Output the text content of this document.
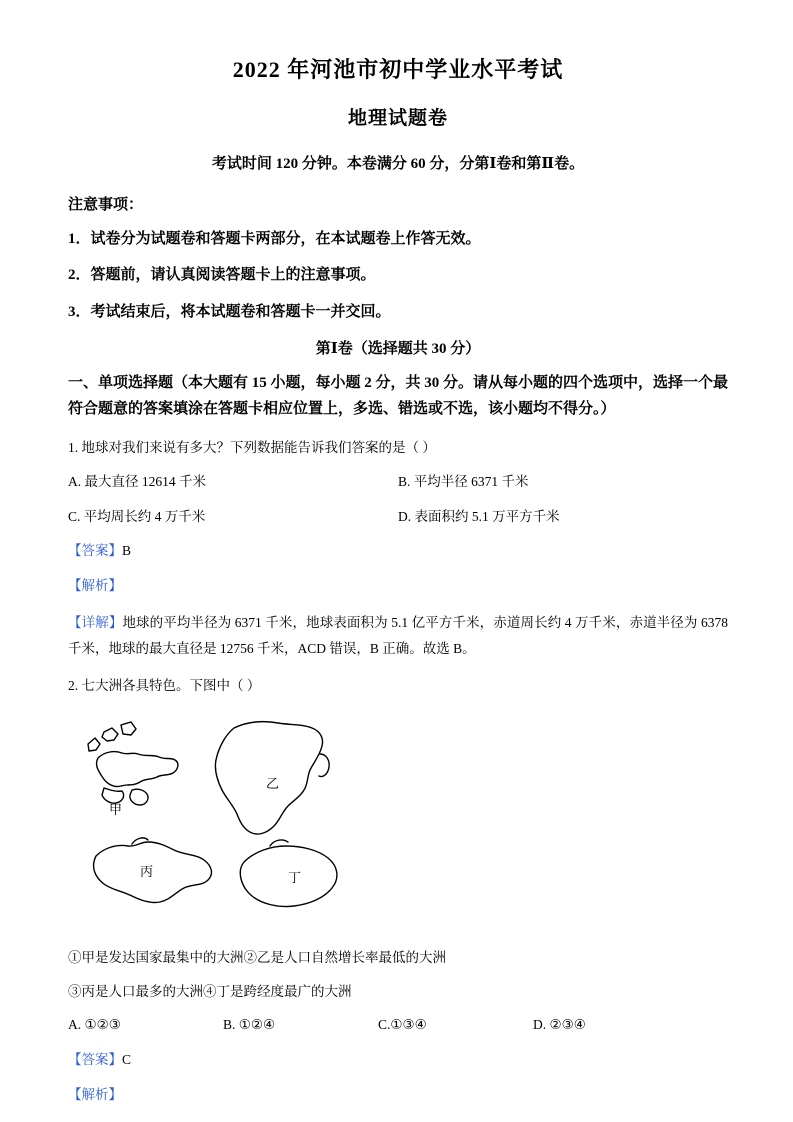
2022 年河池市初中学业水平考试
地理试题卷

考试时间 120 分钟。本卷满分 60 分，分第Ⅰ卷和第Ⅱ卷。

注意事项：

1．试卷分为试题卷和答题卡两部分，在本试题卷上作答无效。

2．答题前，请认真阅读答题卡上的注意事项。

3．考试结束后，将本试题卷和答题卡一并交回。

第Ⅰ卷（选择题共 30 分）

一、单项选择题（本大题有 15 小题，每小题 2 分，共 30 分。请从每小题的四个选项中，选择一个最符合题意的答案填涂在答题卡相应位置上，多选、错选或不选，该小题均不得分。）

1. 地球对我们来说有多大？下列数据能告诉我们答案的是（ ）

A. 最大直径 12614 千米	B. 平均半径 6371 千米
C. 平均周长约 4 万千米	D. 表面积约 5.1 万平方千米

【答案】B

【解析】

【详解】地球的平均半径为 6371 千米，地球表面积为 5.1 亿平方千米，赤道周长约 4 万千米，赤道半径为 6378 千米，地球的最大直径是 12756 千米，ACD 错误，B 正确。故选 B。

2. 七大洲各具特色。下图中（ ）

甲
乙
丙	丁

①甲是发达国家最集中的大洲②乙是人口自然增长率最低的大洲

③丙是人口最多的大洲④丁是跨经度最广的大洲

A. ①②③	B. ①②④	C.①③④	D. ②③④

【答案】C

【解析】
